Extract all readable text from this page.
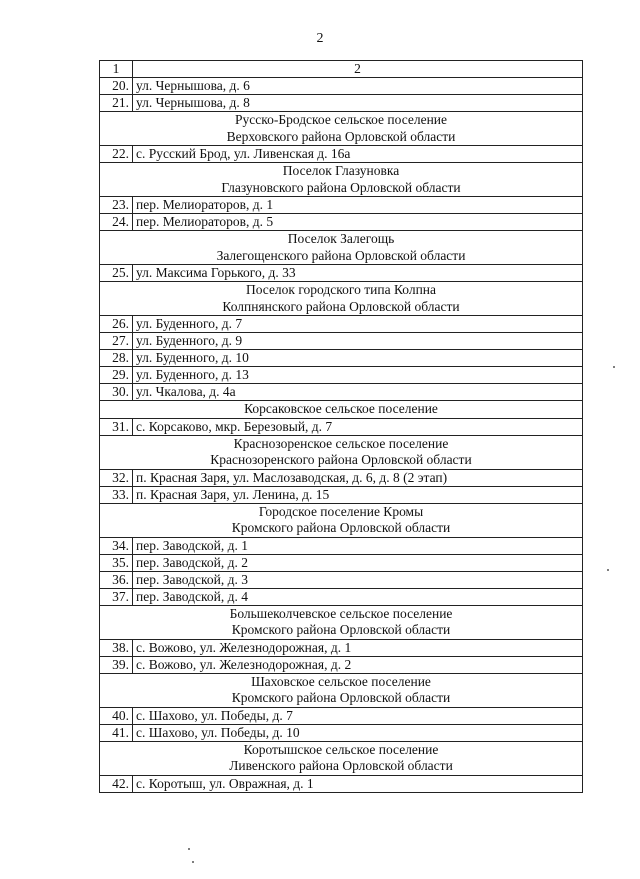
2
1	2
20.	ул. Чернышова, д. 6
21.	ул. Чернышова, д. 8

Русско-Бродское сельское поселение
Верховского района Орловской области	

22.	с. Русский Брод, ул. Ливенская д. 16а

Поселок Глазуновка
Глазуновского района Орловской области	

23.	пер. Мелиораторов, д. 1
24.	пер. Мелиораторов, д. 5

Поселок Залегощь
Залегощенского района Орловской области	

25.	ул. Максима Горького, д. 33

Поселок городского типа Колпна
Колпнянского района Орловской области	

26.	ул. Буденного, д. 7
27.	ул. Буденного, д. 9
28.	ул. Буденного, д. 10
29.	ул. Буденного, д. 13
30.	ул. Чкалова, д. 4а

Корсаковское сельское поселение	

31.	с. Корсаково, мкр. Березовый, д. 7

Краснозоренское сельское поселение
Краснозоренского района Орловской области	

32.	п. Красная Заря, ул. Маслозаводская, д. 6, д. 8 (2 этап)
33.	п. Красная Заря, ул. Ленина, д. 15

Городское поселение Кромы
Кромского района Орловской области	

34.	пер. Заводской, д. 1
35.	пер. Заводской, д. 2
36.	пер. Заводской, д. 3
37.	пер. Заводской, д. 4

Большеколчевское сельское поселение
Кромского района Орловской области	

38.	с. Вожово, ул. Железнодорожная, д. 1
39.	с. Вожово, ул. Железнодорожная, д. 2

Шаховское сельское поселение
Кромского района Орловской области	

40.	с. Шахово, ул. Победы, д. 7
41.	с. Шахово, ул. Победы, д. 10

Коротышское сельское поселение
Ливенского района Орловской области	

42.	с. Коротыш, ул. Овражная, д. 1
